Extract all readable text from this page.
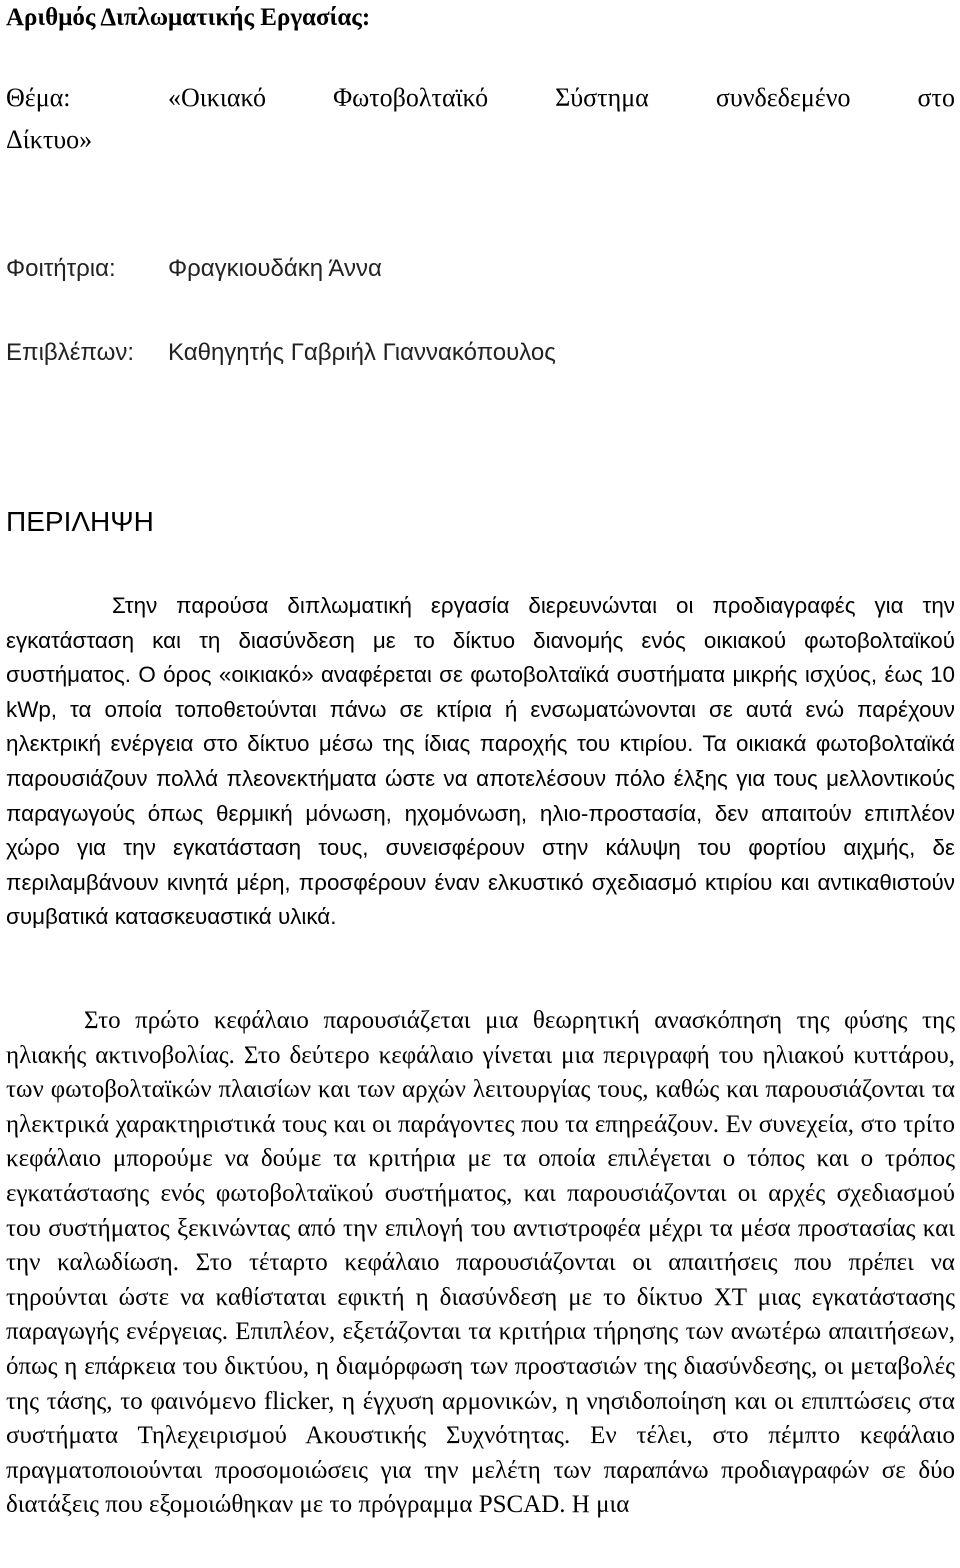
Αριθμός Διπλωματικής Εργασίας:
Θέμα:	«Οικιακό Φωτοβολταϊκό Σύστημα συνδεδεμένο στο
Δίκτυο»
Φοιτήτρια: Φραγκιουδάκη Άννα
Επιβλέπων: Καθηγητής Γαβριήλ Γιαννακόπουλος
ΠΕΡΙΛΗΨΗ

Στην παρούσα διπλωματική εργασία διερευνώνται οι προδιαγραφές για την εγκατάσταση και τη διασύνδεση με το δίκτυο διανομής ενός οικιακού φωτοβολταϊκού συστήματος. Ο όρος «οικιακό» αναφέρεται σε φωτοβολταϊκά συστήματα μικρής ισχύος, έως 10 kWp, τα οποία τοποθετούνται πάνω σε κτίρια ή ενσωματώνονται σε αυτά ενώ παρέχουν ηλεκτρική ενέργεια στο δίκτυο μέσω της ίδιας παροχής του κτιρίου. Τα οικιακά φωτοβολταϊκά παρουσιάζουν πολλά πλεονεκτήματα ώστε να αποτελέσουν πόλο έλξης για τους μελλοντικούς παραγωγούς όπως θερμική μόνωση, ηχομόνωση, ηλιο-προστασία, δεν απαιτούν επιπλέον χώρο για την εγκατάσταση τους, συνεισφέρουν στην κάλυψη του φορτίου αιχμής, δε περιλαμβάνουν κινητά μέρη, προσφέρουν έναν ελκυστικό σχεδιασμό κτιρίου και αντικαθιστούν συμβατικά κατασκευαστικά υλικά.

Στο πρώτο κεφάλαιο παρουσιάζεται μια θεωρητική ανασκόπηση της φύσης της ηλιακής ακτινοβολίας. Στο δεύτερο κεφάλαιο γίνεται μια περιγραφή του ηλιακού κυττάρου, των φωτοβολταϊκών πλαισίων και των αρχών λειτουργίας τους, καθώς και παρουσιάζονται τα ηλεκτρικά χαρακτηριστικά τους και οι παράγοντες που τα επηρεάζουν. Εν συνεχεία, στο τρίτο κεφάλαιο μπορούμε να δούμε τα κριτήρια με τα οποία επιλέγεται ο τόπος και ο τρόπος εγκατάστασης ενός φωτοβολταϊκού συστήματος, και παρουσιάζονται οι αρχές σχεδιασμού του συστήματος ξεκινώντας από την επιλογή του αντιστροφέα μέχρι τα μέσα προστασίας και την καλωδίωση. Στο τέταρτο κεφάλαιο παρουσιάζονται οι απαιτήσεις που πρέπει να τηρούνται ώστε να καθίσταται εφικτή η διασύνδεση με το δίκτυο ΧΤ μιας εγκατάστασης παραγωγής ενέργειας. Επιπλέον, εξετάζονται τα κριτήρια τήρησης των ανωτέρω απαιτήσεων, όπως η επάρκεια του δικτύου, η διαμόρφωση των προστασιών της διασύνδεσης, οι μεταβολές της τάσης, το φαινόμενο flicker, η έγχυση αρμονικών, η νησιδοποίηση και οι επιπτώσεις στα συστήματα Τηλεχειρισμού Ακουστικής Συχνότητας. Εν τέλει, στο πέμπτο κεφάλαιο πραγματοποιούνται προσομοιώσεις για την μελέτη των παραπάνω προδιαγραφών σε δύο διατάξεις που εξομοιώθηκαν με το πρόγραμμα PSCAD. Η μια
